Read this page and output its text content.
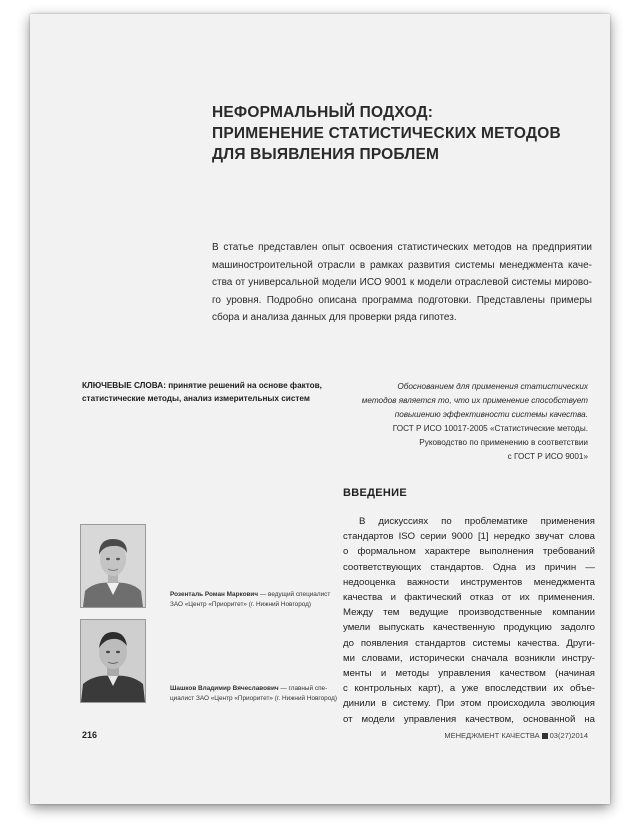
НЕФОРМАЛЬНЫЙ ПОДХОД:
ПРИМЕНЕНИЕ СТАТИСТИЧЕСКИХ МЕТОДОВ
ДЛЯ ВЫЯВЛЕНИЯ ПРОБЛЕМ

В статье представлен опыт освоения статистических методов на предприятии
машиностроительной отрасли в рамках развития системы менеджмента каче-
ства от универсальной модели ИСО 9001 к модели отраслевой системы мирово-
го уровня. Подробно описана программа подготовки. Представлены примеры
сбора и анализа данных для проверки ряда гипотез.

КЛЮЧЕВЫЕ СЛОВА: принятие решений на основе фактов,
статистические методы, анализ измерительных систем
Обоснованием для применения статистических
методов является то, что их применение способствует
повышению эффективности системы качества.
ГОСТ Р ИСО 10017-2005 «Статистические методы.
Руководство по применению в соответствии
с ГОСТ Р ИСО 9001»
ВВЕДЕНИЕ

В дискуссиях по проблематике применения
стандартов ISO серии 9000 [1] нередко звучат слова
о формальном характере выполнения требований
соответствующих стандартов. Одна из причин —
недооценка важности инструментов менеджмента
качества и фактический отказ от их применения.
Между тем ведущие производственные компании
умели выпускать качественную продукцию задолго
до появления стандартов системы качества. Други-
ми словами, исторически сначала возникли инстру-
менты и методы управления качеством (начиная
с контрольных карт), а уже впоследствии их объе-
динили в систему. При этом происходила эволюция
от модели управления качеством, основанной на

Розенталь Роман Маркович — ведущий специалист
ЗАО «Центр «Приоритет» (г. Нижний Новгород)
Шашков Владимир Вячеславович — главный спе-
циалист ЗАО «Центр «Приоритет» (г. Нижний Новгород)
216	МЕНЕДЖМЕНТ КАЧЕСТВА 03(27)2014
